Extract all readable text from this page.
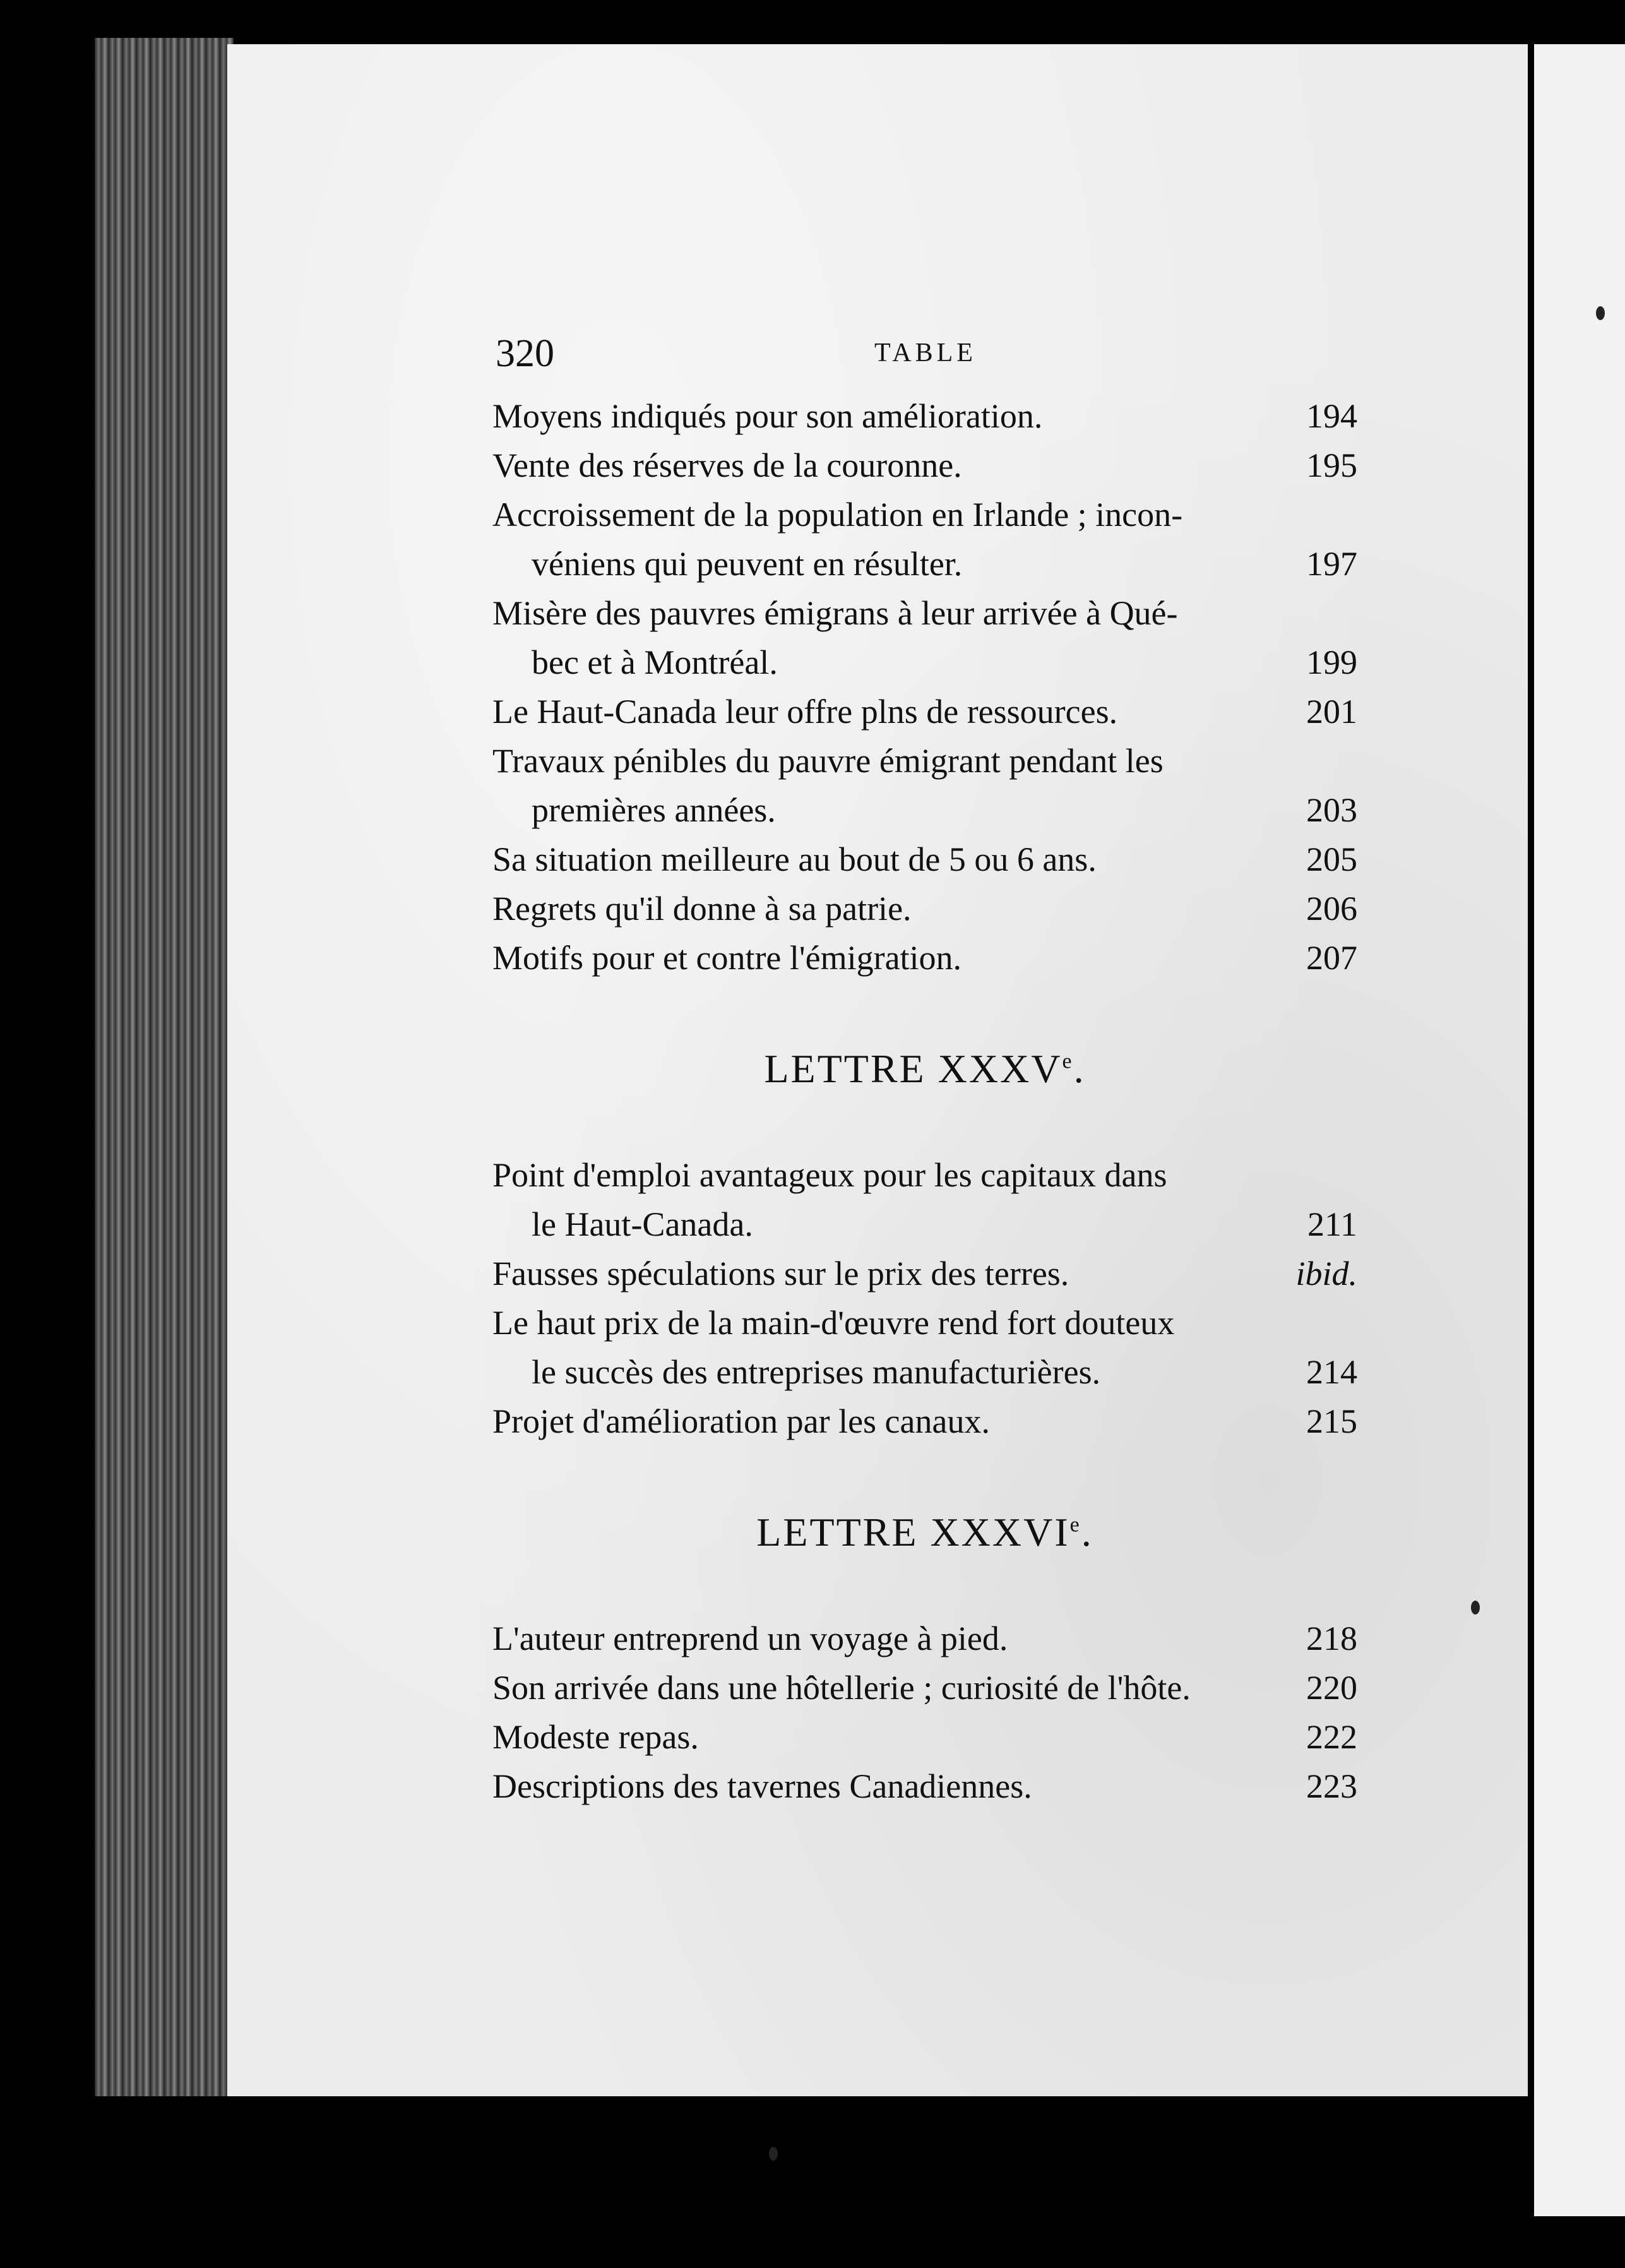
320	TABLE
Moyens indiqués pour son amélioration.	194
Vente des réserves de la couronne.	195
Accroissement de la population en Irlande ; incon-
véniens qui peuvent en résulter.	197
Misère des pauvres émigrans à leur arrivée à Qué-
bec et à Montréal.	199
Le Haut-Canada leur offre plns de ressources.	201
Travaux pénibles du pauvre émigrant pendant les
premières années.	203
Sa situation meilleure au bout de 5 ou 6 ans.	205
Regrets qu'il donne à sa patrie.	206
Motifs pour et contre l'émigration.	207
LETTRE XXXVe.
Point d'emploi avantageux pour les capitaux dans
le Haut-Canada.	211
Fausses spéculations sur le prix des terres.	ibid.
Le haut prix de la main-d'œuvre rend fort douteux
le succès des entreprises manufacturières.	214
Projet d'amélioration par les canaux.	215
LETTRE XXXVIe.
L'auteur entreprend un voyage à pied.	218
Son arrivée dans une hôtellerie ; curiosité de l'hôte.	220
Modeste repas.	222
Descriptions des tavernes Canadiennes.	223
